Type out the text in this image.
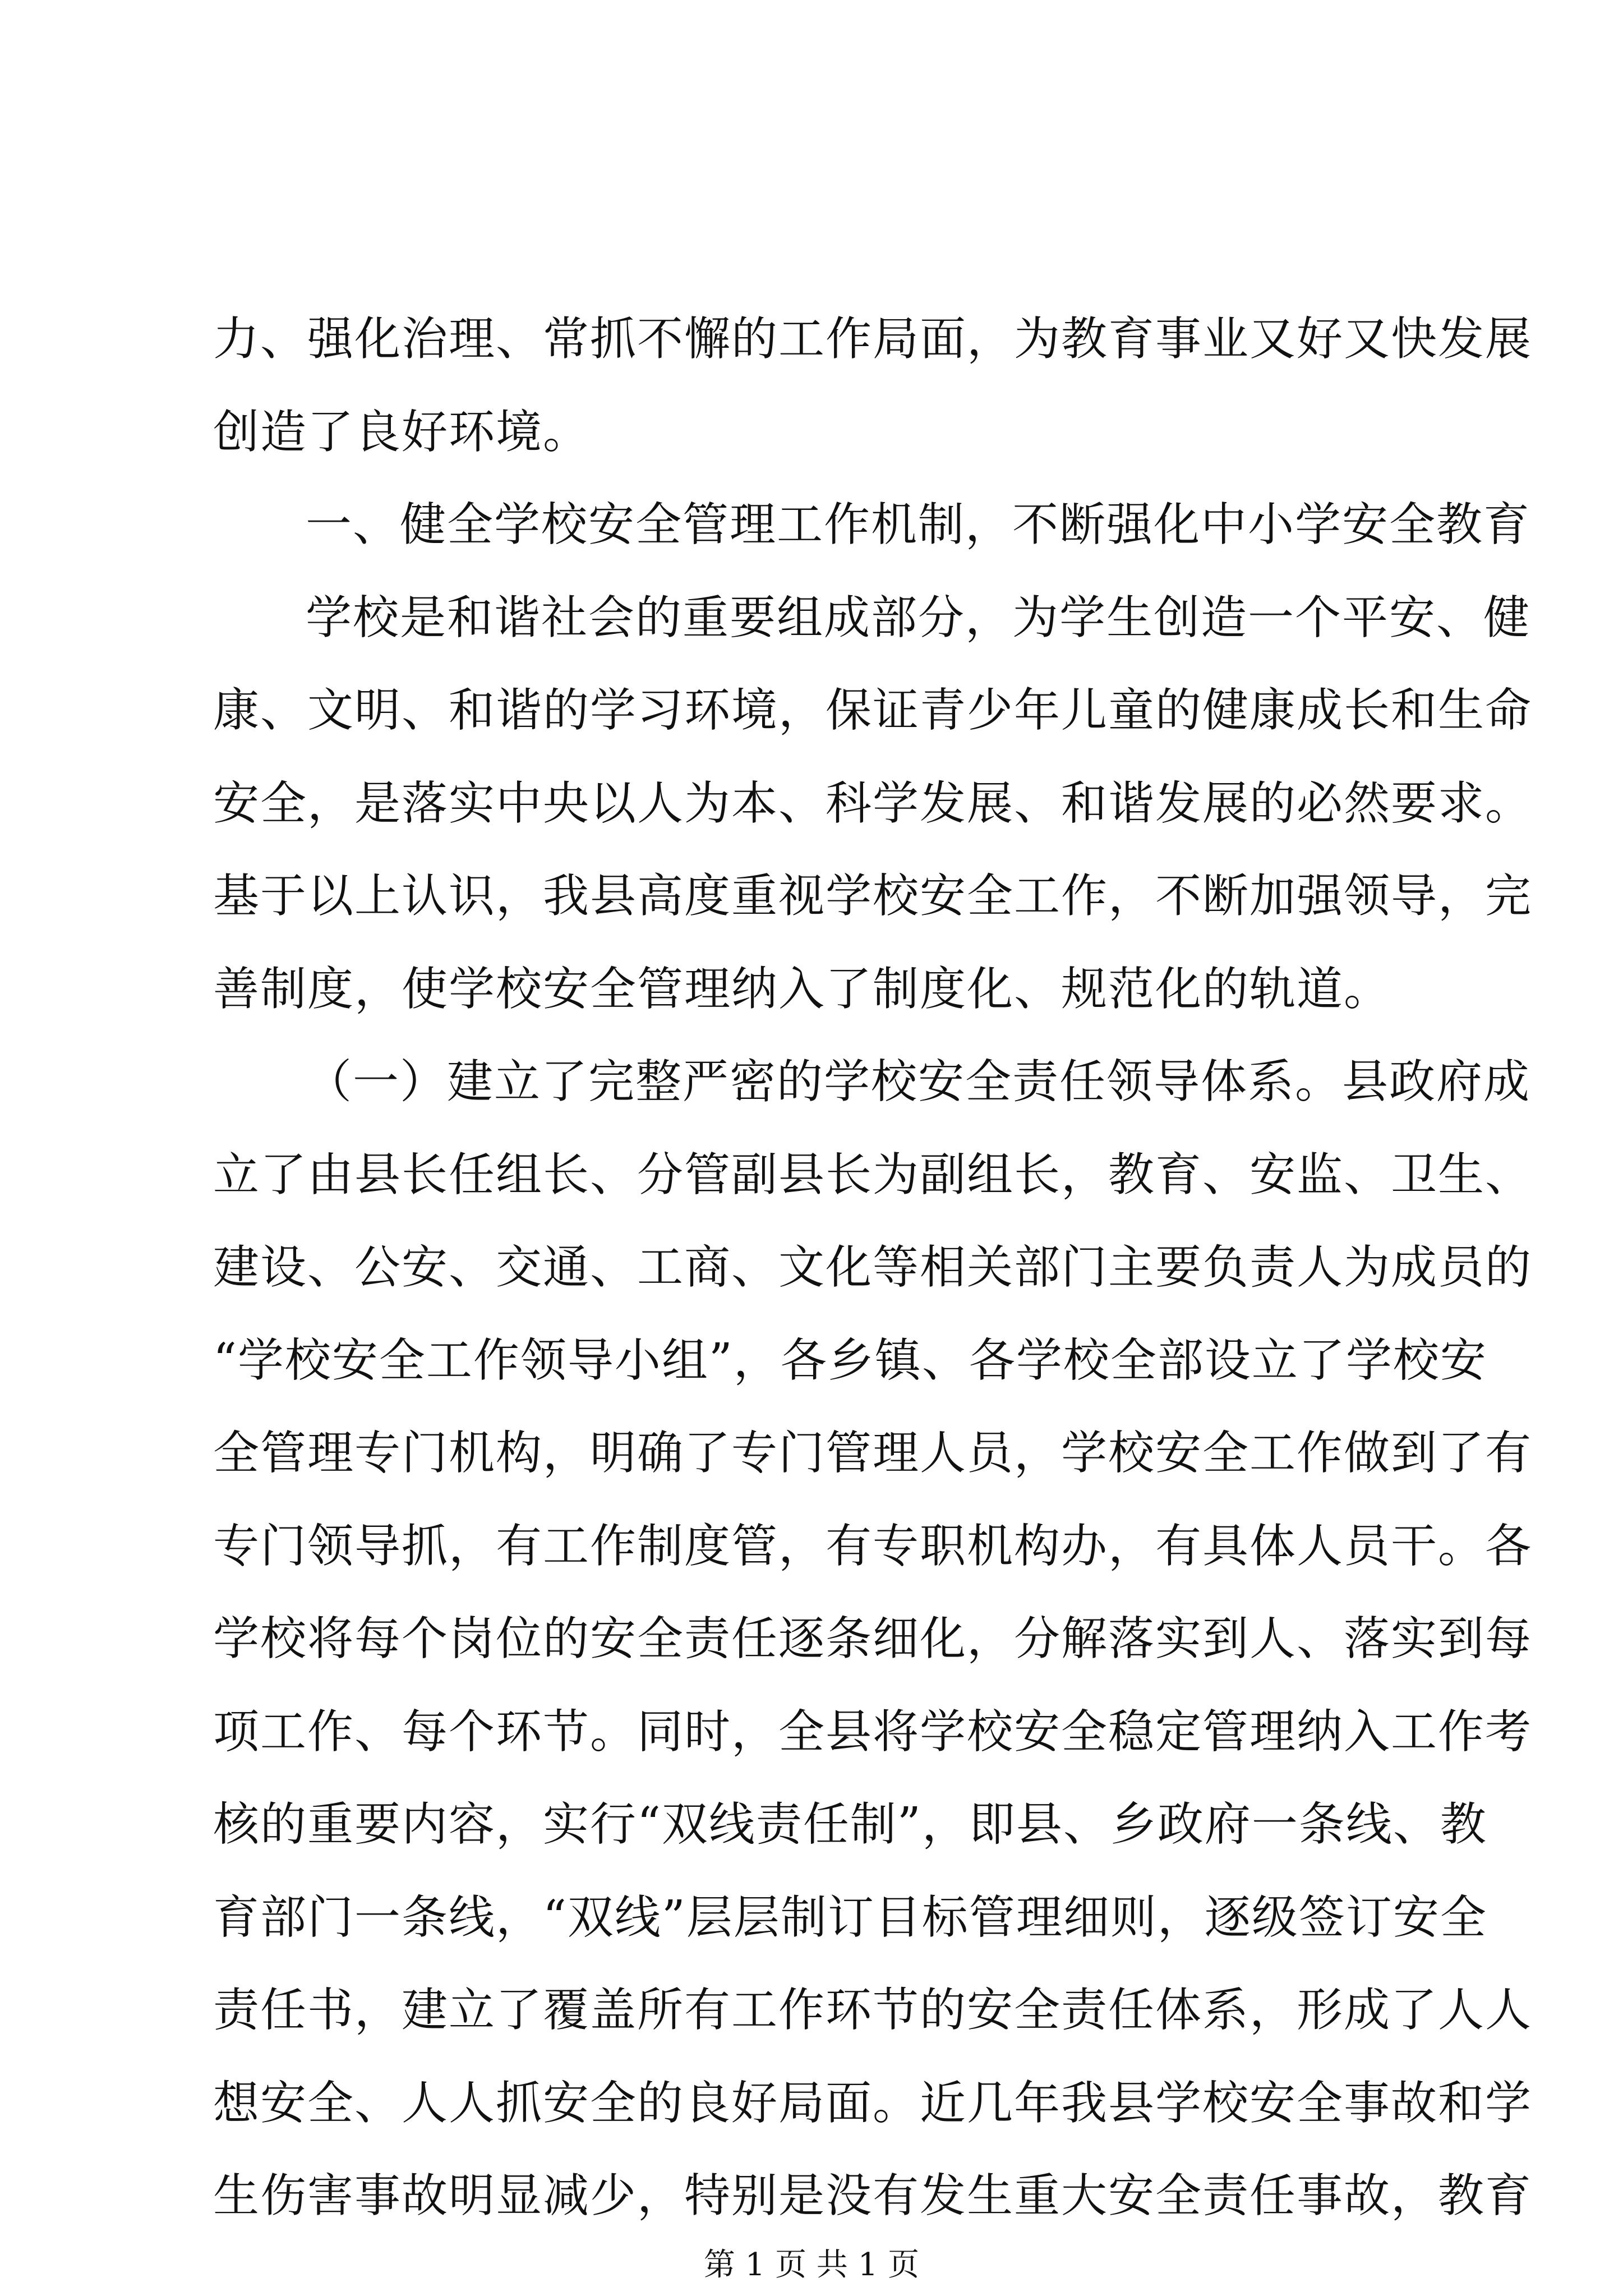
力、强化治理、常抓不懈的工作局面，为教育事业又好又快发展
创造了良好环境。
一、健全学校安全管理工作机制，不断强化中小学安全教育
学校是和谐社会的重要组成部分，为学生创造一个平安、健
康、文明、和谐的学习环境，保证青少年儿童的健康成长和生命
安全，是落实中央以人为本、科学发展、和谐发展的必然要求。
基于以上认识，我县高度重视学校安全工作，不断加强领导，完
善制度，使学校安全管理纳入了制度化、规范化的轨道。
（一）建立了完整严密的学校安全责任领导体系。县政府成
立了由县长任组长、分管副县长为副组长，教育、安监、卫生、
建设、公安、交通、工商、文化等相关部门主要负责人为成员的
“学校安全工作领导小组”，各乡镇、各学校全部设立了学校安
全管理专门机构，明确了专门管理人员，学校安全工作做到了有
专门领导抓，有工作制度管，有专职机构办，有具体人员干。各
学校将每个岗位的安全责任逐条细化，分解落实到人、落实到每
项工作、每个环节。同时，全县将学校安全稳定管理纳入工作考
核的重要内容，实行“双线责任制”，即县、乡政府一条线、教
育部门一条线，“双线”层层制订目标管理细则，逐级签订安全
责任书，建立了覆盖所有工作环节的安全责任体系，形成了人人
想安全、人人抓安全的良好局面。近几年我县学校安全事故和学
生伤害事故明显减少，特别是没有发生重大安全责任事故，教育
第 1 页 共 1 页
